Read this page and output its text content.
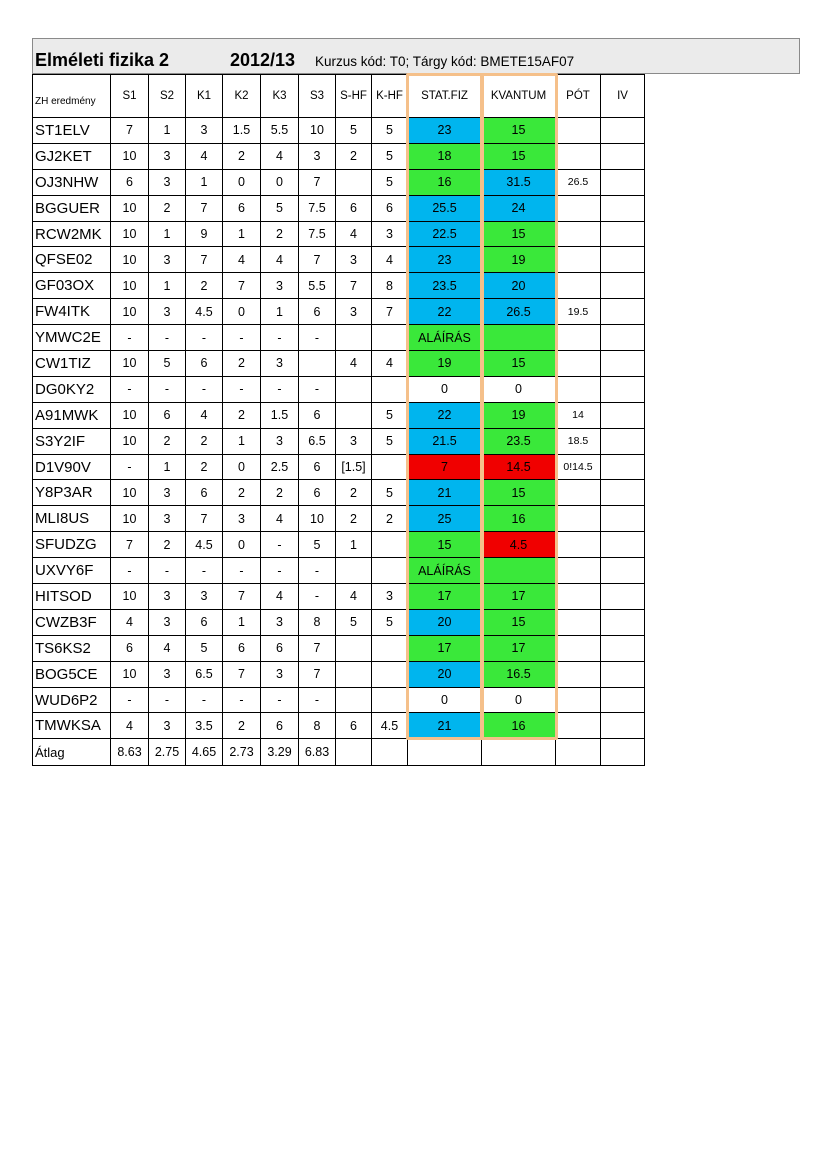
Elméleti fizika 2	2012/13 Kurzus kód: T0; Tárgy kód: BMETE15AF07
ZH eredmény	S1	S2	K1	K2	K3	S3	S-HF	K-HF	STAT.FIZ	KVANTUM	PÓT	IV
ST1ELV	7	1	3	1.5	5.5	10	5	5	23	15		
GJ2KET	10	3	4	2	4	3	2	5	18	15		
OJ3NHW	6	3	1	0	0	7		5	16	31.5	26.5	
BGGUER	10	2	7	6	5	7.5	6	6	25.5	24		
RCW2MK	10	1	9	1	2	7.5	4	3	22.5	15		
QFSE02	10	3	7	4	4	7	3	4	23	19		
GF03OX	10	1	2	7	3	5.5	7	8	23.5	20		
FW4ITK	10	3	4.5	0	1	6	3	7	22	26.5	19.5	
YMWC2E	-	-	-	-	-	-			ALÁÍRÁS			
CW1TIZ	10	5	6	2	3		4	4	19	15		
DG0KY2	-	-	-	-	-	-			0	0		
A91MWK	10	6	4	2	1.5	6		5	22	19	14	
S3Y2IF	10	2	2	1	3	6.5	3	5	21.5	23.5	18.5	
D1V90V	-	1	2	0	2.5	6	[1.5]		7	14.5	0!14.5	
Y8P3AR	10	3	6	2	2	6	2	5	21	15		
MLI8US	10	3	7	3	4	10	2	2	25	16		
SFUDZG	7	2	4.5	0	-	5	1		15	4.5		
UXVY6F	-	-	-	-	-	-			ALÁÍRÁS			
HITSOD	10	3	3	7	4	-	4	3	17	17		
CWZB3F	4	3	6	1	3	8	5	5	20	15		
TS6KS2	6	4	5	6	6	7			17	17		
BOG5CE	10	3	6.5	7	3	7			20	16.5		
WUD6P2	-	-	-	-	-	-			0	0		
TMWKSA	4	3	3.5	2	6	8	6	4.5	21	16		
Átlag	8.63	2.75	4.65	2.73	3.29	6.83						
